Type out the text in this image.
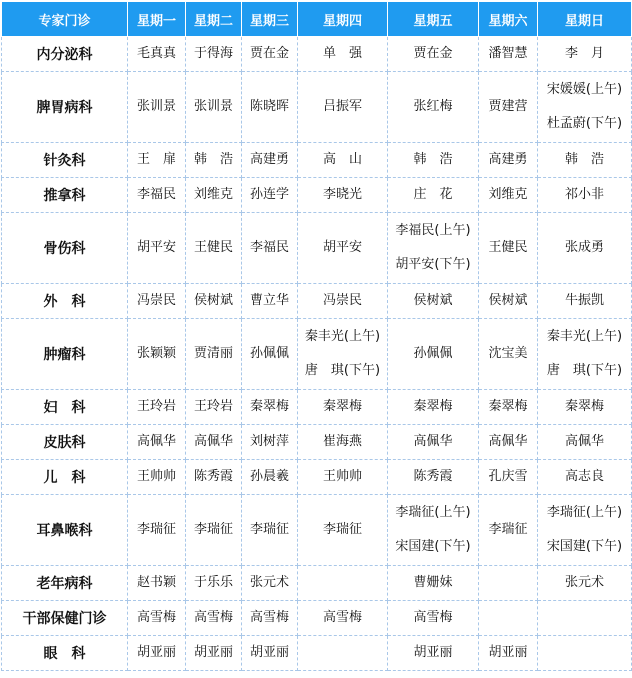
专家门诊	星期一	星期二	星期三	星期四	星期五	星期六	星期日
内分泌科	毛真真	于得海	贾在金	单　强	贾在金	潘智慧	李　月

脾胃病科	张训景	张训景	陈晓晖	吕振军	张红梅	贾建营	宋媛媛(上午)
杜孟蔚(下午)

针灸科	王　扉	韩　浩	高建勇	高　山	韩　浩	高建勇	韩　浩

推拿科	李福民	刘维克	孙连学	李晓光	庄　花	刘维克	祁小非

骨伤科	胡平安	王健民	李福民	胡平安	李福民(上午)
胡平安(下午)	王健民	张成勇

外　科	冯崇民	侯树斌	曹立华	冯崇民	侯树斌	侯树斌	牛振凯

肿瘤科	张颖颖	贾清丽	孙佩佩	秦丰光(上午)
唐　琪(下午)	孙佩佩	沈宝美	秦丰光(上午)
唐　琪(下午)

妇　科	王玲岩	王玲岩	秦翠梅	秦翠梅	秦翠梅	秦翠梅	秦翠梅

皮肤科	高佩华	高佩华	刘树萍	崔海燕	高佩华	高佩华	高佩华

儿　科	王帅帅	陈秀霞	孙晨羲	王帅帅	陈秀霞	孔庆雪	高志良

耳鼻喉科	李瑞征	李瑞征	李瑞征	李瑞征	李瑞征(上午)
宋国建(下午)	李瑞征	李瑞征(上午)
宋国建(下午)

老年病科	赵书颖	于乐乐	张元术		曹姗妹		张元术

干部保健门诊	高雪梅	高雪梅	高雪梅	高雪梅	高雪梅		

眼　科	胡亚丽	胡亚丽	胡亚丽		胡亚丽	胡亚丽	
